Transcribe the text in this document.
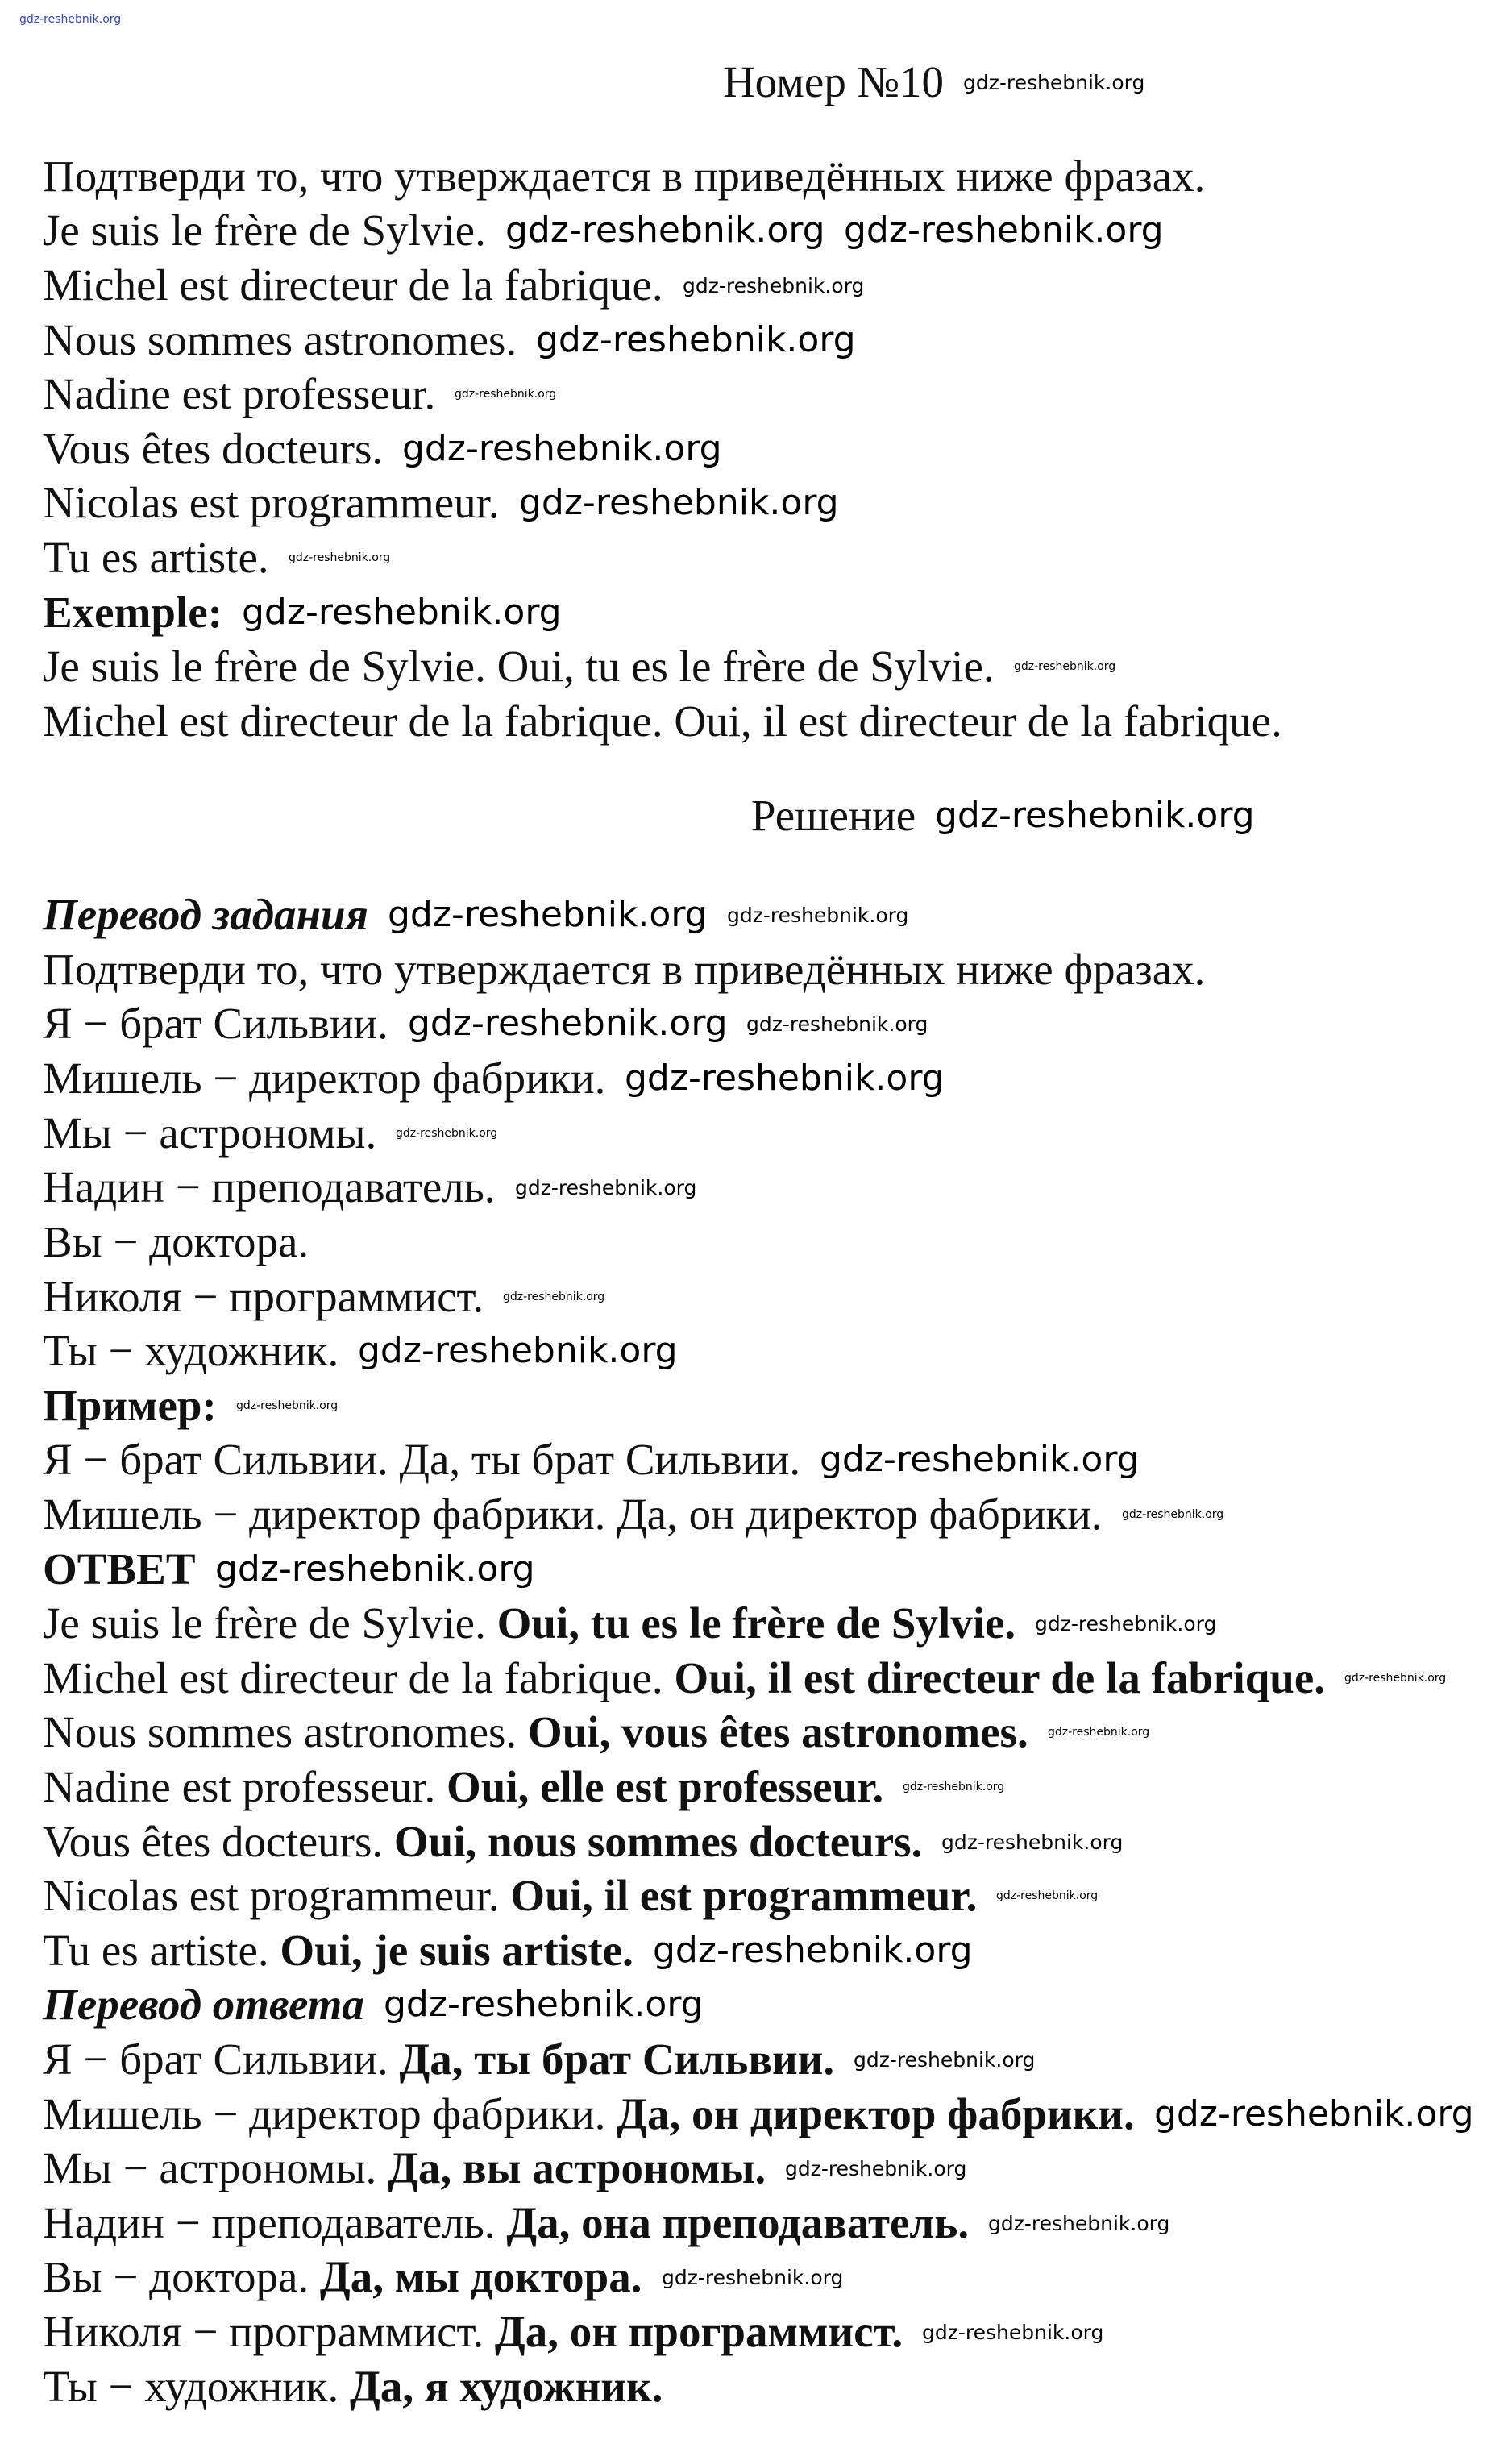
Номер №10
Решение
Подтверди то, что утверждается в приведённых ниже фразах.
Je suis le frère de Sylvie.
Michel est directeur de la fabrique.
Nous sommes astronomes.
Nadine est professeur.
Vous êtes docteurs.
Nicolas est programmeur.
Tu es artiste.
Exemple:
Je suis le frère de Sylvie. Oui, tu es le frère de Sylvie.
Michel est directeur de la fabrique. Oui, il est directeur de la fabrique.
Перевод задания
Подтверди то, что утверждается в приведённых ниже фразах.
Я − брат Сильвии.
Мишель − директор фабрики.
Мы − астрономы.
Надин − преподаватель.
Вы − доктора.
Николя − программист.
Ты − художник.
Пример:
Я − брат Сильвии. Да, ты брат Сильвии.
Мишель − директор фабрики. Да, он директор фабрики.
ОТВЕТ
Je suis le frère de Sylvie. Oui, tu es le frère de Sylvie.
Michel est directeur de la fabrique. Oui, il est directeur de la fabrique.
Nous sommes astronomes. Oui, vous êtes astronomes.
Nadine est professeur. Oui, elle est professeur.
Vous êtes docteurs. Oui, nous sommes docteurs.
Nicolas est programmeur. Oui, il est programmeur.
Tu es artiste. Oui, je suis artiste.
Перевод ответа
Я − брат Сильвии. Да, ты брат Сильвии.
Мишель − директор фабрики. Да, он директор фабрики.
Мы − астрономы. Да, вы астрономы.
Надин − преподаватель. Да, она преподаватель.
Вы − доктора. Да, мы доктора.
Николя − программист. Да, он программист.
Ты − художник. Да, я художник.
gdz-reshebnik.org
gdz-reshebnik.org
gdz-reshebnik.org gdz-reshebnik.org
gdz-reshebnik.org
gdz-reshebnik.org
gdz-reshebnik.org
gdz-reshebnik.org
gdz-reshebnik.org
gdz-reshebnik.org
gdz-reshebnik.org
gdz-reshebnik.org
gdz-reshebnik.org
gdz-reshebnik.org gdz-reshebnik.org
gdz-reshebnik.org gdz-reshebnik.org
gdz-reshebnik.org
gdz-reshebnik.org
gdz-reshebnik.org
gdz-reshebnik.org
gdz-reshebnik.org
gdz-reshebnik.org
gdz-reshebnik.org
gdz-reshebnik.org
gdz-reshebnik.org
gdz-reshebnik.org
gdz-reshebnik.org
gdz-reshebnik.org
gdz-reshebnik.org
gdz-reshebnik.org
gdz-reshebnik.org
gdz-reshebnik.org
gdz-reshebnik.org
gdz-reshebnik.org
gdz-reshebnik.org
gdz-reshebnik.org
gdz-reshebnik.org
gdz-reshebnik.org
gdz-reshebnik.org
